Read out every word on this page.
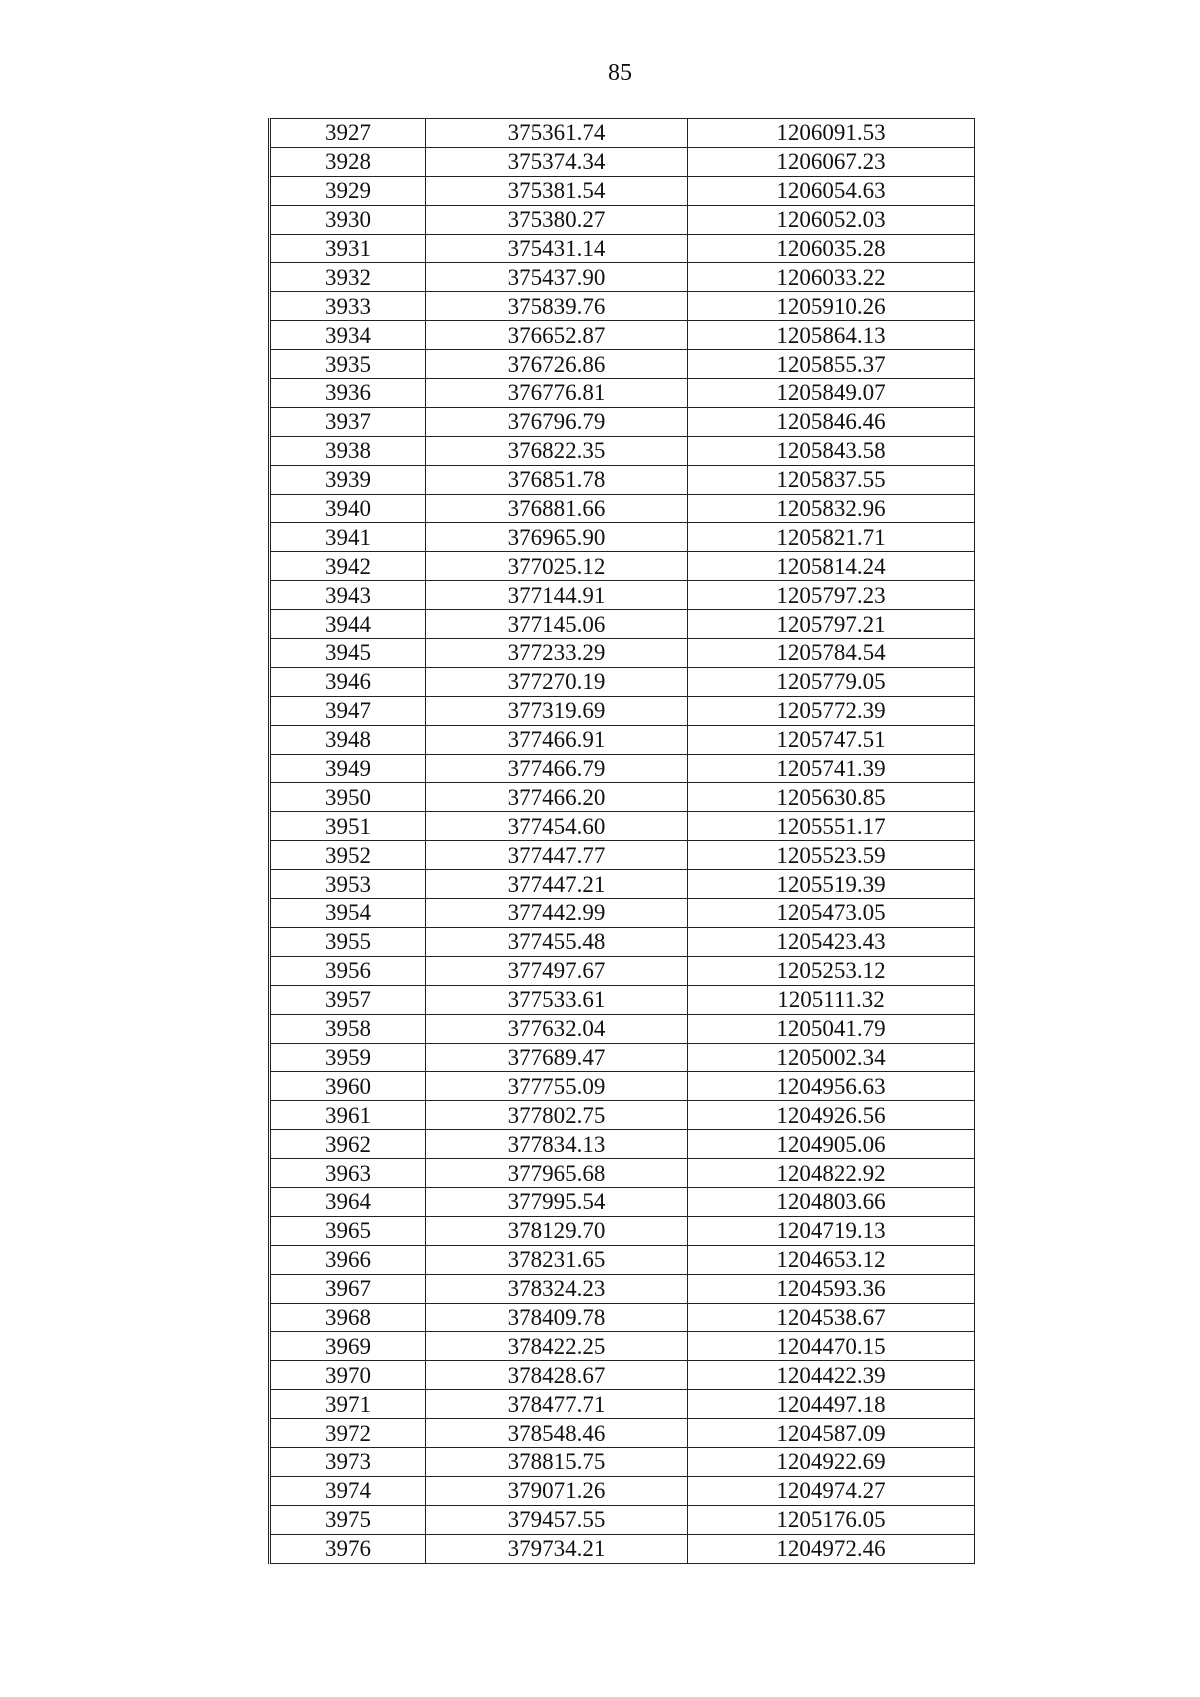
85
3927	375361.74	1206091.53
3928	375374.34	1206067.23
3929	375381.54	1206054.63
3930	375380.27	1206052.03
3931	375431.14	1206035.28
3932	375437.90	1206033.22
3933	375839.76	1205910.26
3934	376652.87	1205864.13
3935	376726.86	1205855.37
3936	376776.81	1205849.07
3937	376796.79	1205846.46
3938	376822.35	1205843.58
3939	376851.78	1205837.55
3940	376881.66	1205832.96
3941	376965.90	1205821.71
3942	377025.12	1205814.24
3943	377144.91	1205797.23
3944	377145.06	1205797.21
3945	377233.29	1205784.54
3946	377270.19	1205779.05
3947	377319.69	1205772.39
3948	377466.91	1205747.51
3949	377466.79	1205741.39
3950	377466.20	1205630.85
3951	377454.60	1205551.17
3952	377447.77	1205523.59
3953	377447.21	1205519.39
3954	377442.99	1205473.05
3955	377455.48	1205423.43
3956	377497.67	1205253.12
3957	377533.61	1205111.32
3958	377632.04	1205041.79
3959	377689.47	1205002.34
3960	377755.09	1204956.63
3961	377802.75	1204926.56
3962	377834.13	1204905.06
3963	377965.68	1204822.92
3964	377995.54	1204803.66
3965	378129.70	1204719.13
3966	378231.65	1204653.12
3967	378324.23	1204593.36
3968	378409.78	1204538.67
3969	378422.25	1204470.15
3970	378428.67	1204422.39
3971	378477.71	1204497.18
3972	378548.46	1204587.09
3973	378815.75	1204922.69
3974	379071.26	1204974.27
3975	379457.55	1205176.05
3976	379734.21	1204972.46
